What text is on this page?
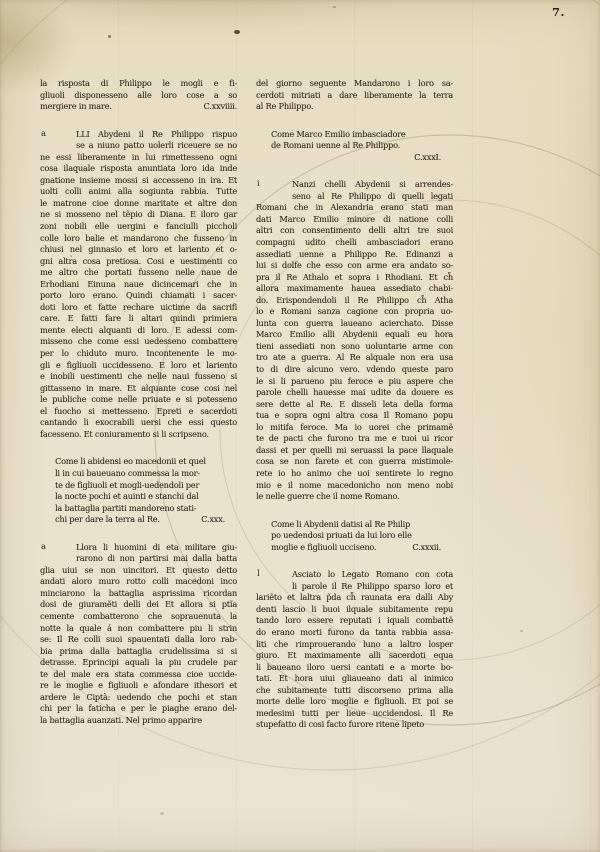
7.
la risposta di Philippo le mogli e fi-
gliuoli disponesseno alle loro cose a so
mergiere in mare.	C.xxviiii.
a	LLI Abydeni il Re Philippo rispuo
se a niuno patto uolerli riceuere se no
ne essi liberamente in lui rimettesseno ogni
cosa ilaquale risposta anuntiata loro ida inde
gnatione insieme mossi si accesseno in ira. Et
uolti colli animi alla sogiunta rabbia. Tutte
le matrone cioe donne maritate et altre don
ne si mosseno nel tẽpio di Diana. E iloro gar
zoni nobili elle uergini e fanciulli piccholi
colle loro balie et mandarono che fusseno in
chiusi nel ginnasio et loro et lariento et o-
gni altra cosa pretiosa. Cosi e uestimenti co
me altro che portati fusseno nelle naue de
Erhodiani Einuna naue dicincemari che in
porto loro erano. Quindi chiamati i sacer-
doti loro et fatte rechare uictime da sacrifi
care. E fatti fare li altari quindi primiera
mente electi alquanti di loro. E adessi com-
misseno che come essi uedesseno combattere
per lo chiduto muro. Incontenente le mo-
gli e figliuoli uccidesseno. E loro et lariento
e inobili uestimenti che nelle naui fusseno si
gittasseno in mare. Et alquante cose cosi nel
le publiche come nelle priuate e si potesseno
el fuocho si mettesseno. Epreti e sacerdoti
cantando li exocrabili uersi che essi questo
facesseno. Et coniuramento si li scripseno.
Come li abidensi eo macedonii et quel
li in cui baueuano commessa la mor-
te de figliuoli et mogli-uedendoli per
la nocte pochi et auinti e stanchi dal
la battaglia partiti mandoreno stati-
chi per dare la terra al Re.	C.xxx.
a	Llora li huomini di eta militare giu-
rarono di non partirsi mai dalla batta
glia uiui se non uincitori. Et questo detto
andati aloro muro rotto colli macedoni inco
minciarono la battaglia asprissima ricordan
dosi de giuramẽti delli dei Et allora si ptĩa
cemente combatterono che soprauenuta la
notte la quale á non combattere piu li strin
se: Il Re colli suoi spauentati dalla loro rab-
bia prima dalla battaglia crudelissima si si
detrasse. Eprincipi aquali la piu crudele par
te del male era stata commessa cioe uccide-
re le moglie e figliuoli e afondare ithesori et
ardere le Ciptà: uedendo che pochi et stan
chi per la faticha e per le piaghe erano del-
la battaglia auanzati. Nel primo apparire
del giorno seguente Mandarono i loro sa-
cerdoti mitriati a dare liberamente la terra
al Re Philippo.
Come Marco Emilio imbasciadore
de Romani uenne al Re Philippo.
C.xxxI.
i	Nanzi chelli Abydenii si arrendes-
seno al Re Philippo di quelli legati
Romani che in Alexandria erano stati man
dati Marco Emilio minore di natione colli
altri con consentimento delli altri tre suoi
compagni udito chelli ambasciadori erano
assediati uenne a Philippo Re. Edinanzi a
lui si dolfe che esso con arme era andato so-
pra il Re Athalo et sopra i Rhodiani. Et ch̃
allora maximamente hauea assediato chabi-
do. Erispondendoli il Re Philippo ch̃ Atha
lo e Romani sanza cagione con propria uo-
lunta con guerra laueano acierchato. Disse
Marco Emilio alli Abydenii equali eu hora
tieni assediati non sono uoluntarie arme con
tro ate a guerra. Al Re alquale non era usa
to di dire alcuno vero. vdendo queste paro
le si li parueno piu feroce e piu aspere che
parole chelli hauesse mai udite da douere es
sere dette al Re. E disseli leta della forma
tua e sopra ogni altra cosa Il Romano popu
lo mitifa feroce. Ma io uorei che primamẽ
te de pacti che furono tra me e tuoi ui ricor
dassi et per quelli mi seruassi la pace llaquale
cosa se non farete et con guerra mistimole-
rete io ho animo che uoi sentirete lo regno
mio e il nome macedonicho non meno nobi
le nelle guerre che il nome Romano.
Come li Abydenii datisi al Re Philip
po uedendosi priuati da lui loro elle
moglie e figliuoli ucciseno.	C.xxxii.
l	Asciato lo Legato Romano con cota
li parole il Re Philippo sparso loro et
lariẽto et laltra p̃da ch̃ raunata era dalli Aby
denti lascio li buoi ilquale subitamente repu
tando loro essere reputati i iquali combattẽ
do erano morti furono da tanta rabbia assa-
liti che rimprouerando luno a laltro losper
giuro. Et maximamente alli sacerdoti equa
li baueano iloro uersi cantati e a morte bo-
tati. Et hora uiui gliaueano dati al inimico
che subitamente tutti discorseno prima alla
morte delle loro moglie e figliuoli. Et poi se
medesimi tutti per lieue uccidendosi. Il Re
stupefatto di cosi facto furore ritene lipeto
